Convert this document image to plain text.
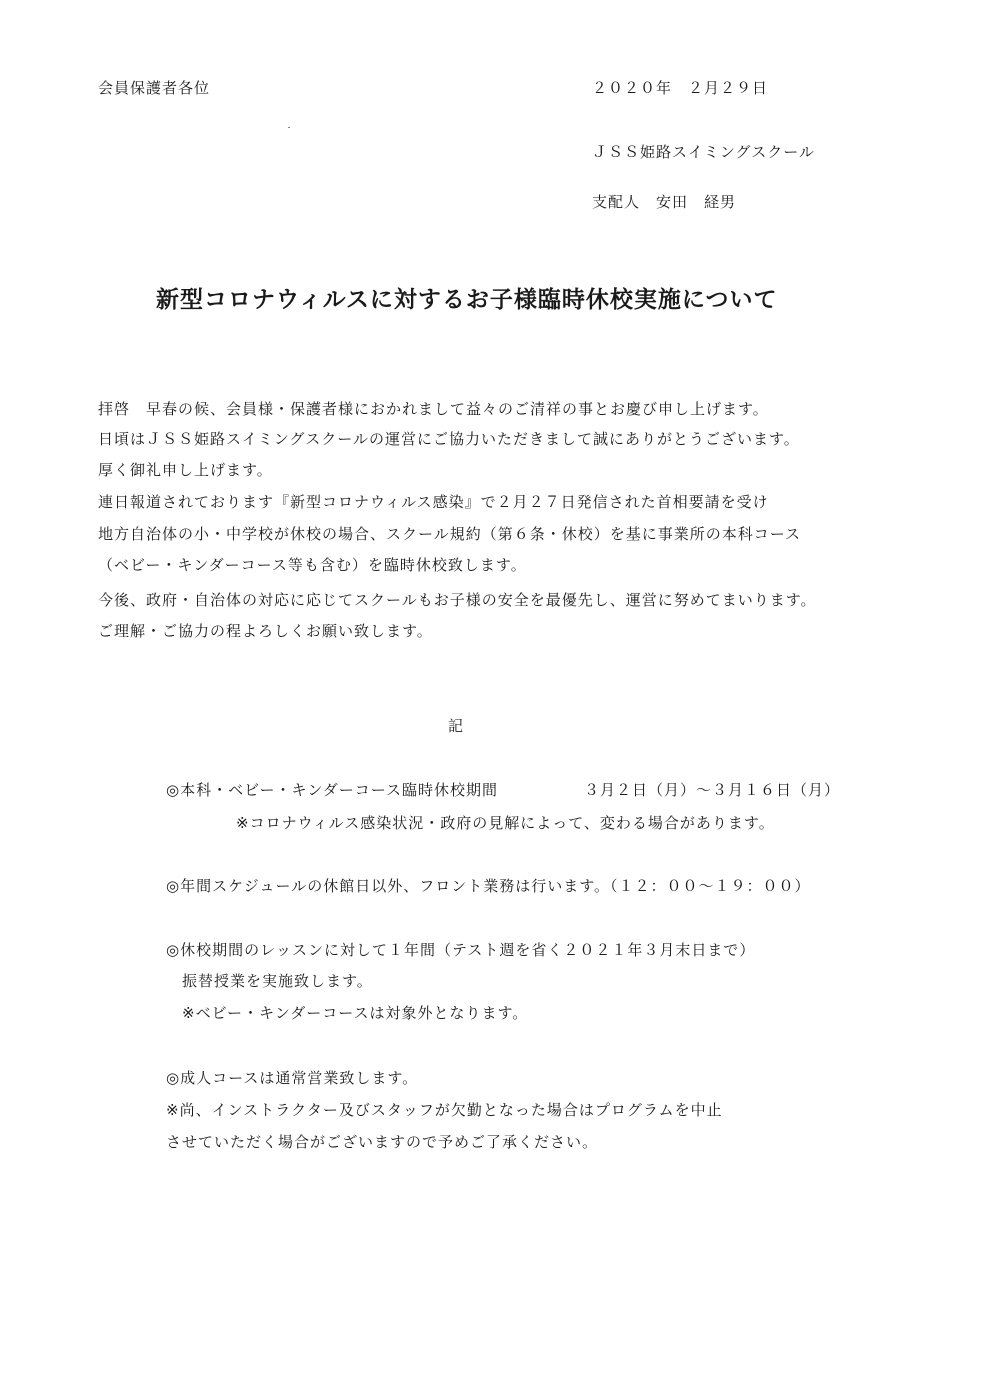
会員保護者各位	２０２０年　２月２９日
ＪＳＳ姫路スイミングスクール
支配人　安田　経男
新型コロナウィルスに対するお子様臨時休校実施について
拝啓　早春の候、会員様・保護者様におかれまして益々のご清祥の事とお慶び申し上げます。
日頃はＪＳＳ姫路スイミングスクールの運営にご協力いただきまして誠にありがとうございます。
厚く御礼申し上げます。
連日報道されております『新型コロナウィルス感染』で２月２７日発信された首相要請を受け
地方自治体の小・中学校が休校の場合、スクール規約（第６条・休校）を基に事業所の本科コース
（ベビー・キンダーコース等も含む）を臨時休校致します。
今後、政府・自治体の対応に応じてスクールもお子様の安全を最優先し、運営に努めてまいります。
ご理解・ご協力の程よろしくお願い致します。
記
◎本科・ベビー・キンダーコース臨時休校期間	３月２日（月）～３月１６日（月）
※コロナウィルス感染状況・政府の見解によって、変わる場合があります。
◎年間スケジュールの休館日以外、フロント業務は行います。（１２：００～１９：００）
◎休校期間のレッスンに対して１年間（テスト週を省く２０２１年３月末日まで）
振替授業を実施致します。
※ベビー・キンダーコースは対象外となります。
◎成人コースは通常営業致します。
※尚、インストラクター及びスタッフが欠勤となった場合はプログラムを中止
させていただく場合がございますので予めご了承ください。
